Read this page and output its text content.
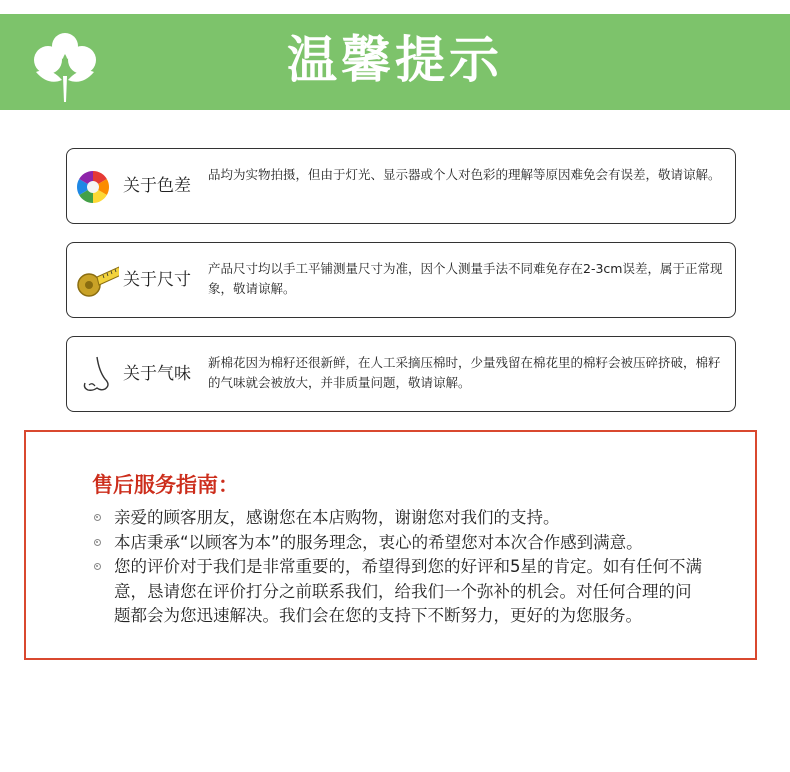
温馨提示
关于色差
品均为实物拍摄，但由于灯光、显示器或个人对色彩的理解等原因难免会有误差，敬请谅解。
关于尺寸
产品尺寸均以手工平铺测量尺寸为准，因个人测量手法不同难免存在2-3cm误差，属于正常现象，敬请谅解。
关于气味
新棉花因为棉籽还很新鲜，在人工采摘压棉时，少量残留在棉花里的棉籽会被压碎挤破，棉籽的气味就会被放大，并非质量问题，敬请谅解。
售后服务指南：
亲爱的顾客朋友，感谢您在本店购物，谢谢您对我们的支持。
本店秉承“以顾客为本”的服务理念，衷心的希望您对本次合作感到满意。
您的评价对于我们是非常重要的，希望得到您的好评和5星的肯定。如有任何不满意，恳请您在评价打分之前联系我们，给我们一个弥补的机会。对任何合理的问题都会为您迅速解决。我们会在您的支持下不断努力，更好的为您服务。
